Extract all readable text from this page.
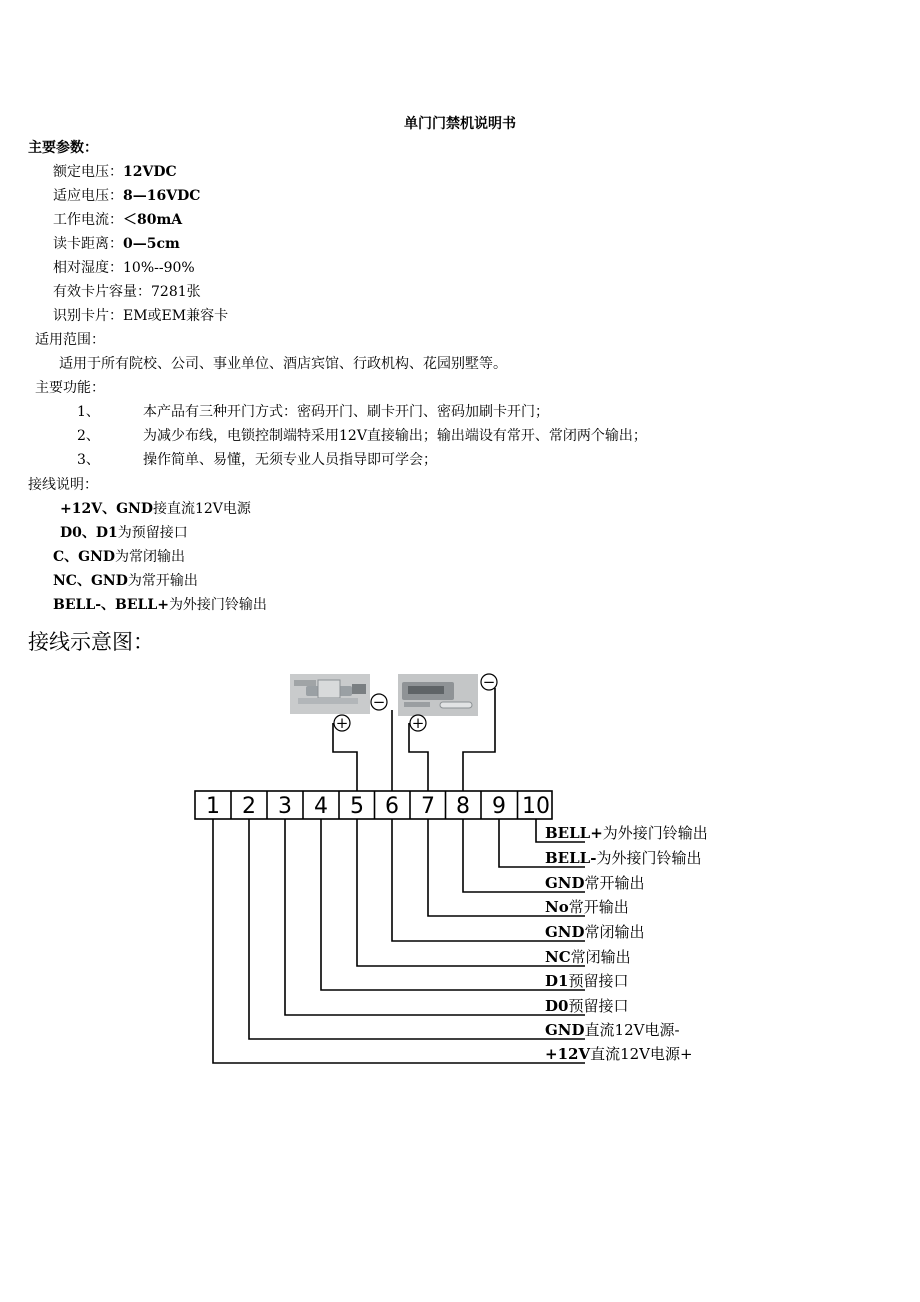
单门门禁机说明书
主要参数：
额定电压：12VDC
适应电压：8—16VDC
工作电流：＜80mA
读卡距离：0—5cm
相对湿度：10%--90%
有效卡片容量：7281张
识别卡片：EM或EM兼容卡
适用范围：
适用于所有院校、公司、事业单位、酒店宾馆、行政机构、花园别墅等。
主要功能：
1、	本产品有三种开门方式：密码开门、刷卡开门、密码加刷卡开门；
2、	为减少布线，电锁控制端特采用12V直接输出；输出端设有常开、常闭两个输出；
3、	操作简单、易懂，无须专业人员指导即可学会；
接线说明：
+12V、GND接直流12V电源
D0、D1为预留接口
C、GND为常闭输出
NC、GND为常开输出
BELL-、BELL+为外接门铃输出
接线示意图：
+
−
+
−
1 2 3 4 5 6 7 8 9 10
BELL+为外接门铃输出
BELL-为外接门铃输出
GND常开输出
No常开输出
GND常闭输出
NC常闭输出
D1预留接口
D0预留接口
GND直流12V电源-
+12V直流12V电源+
